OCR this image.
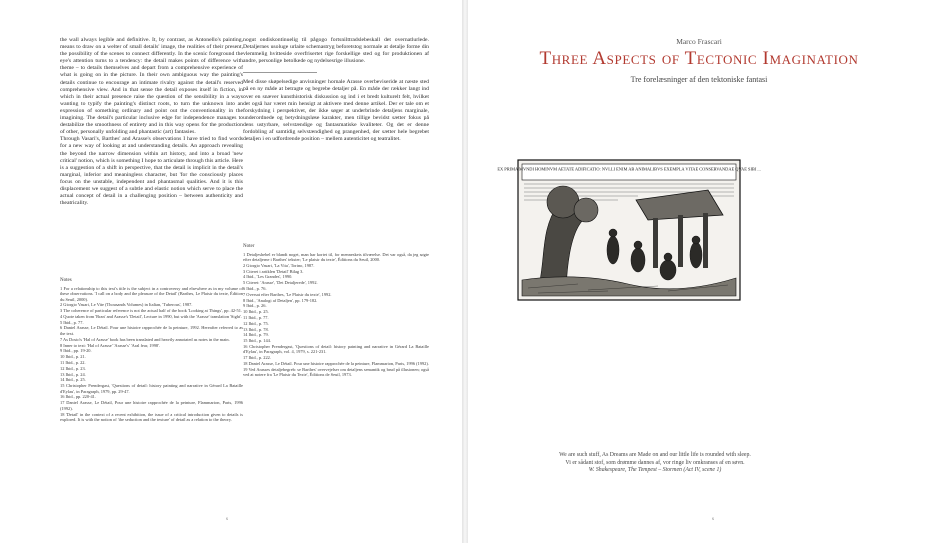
the wall always legible and definitive. It, by contrast, as Antonello's painting, means to draw on a welter of small details' image, the realities of their present, the possibility of the scenes to connect differently. In the scenic foreground the eye's attention turns to a tendency: the detail makes points of difference with theme – to details themselves and depart from a comprehensive experience of what is going on in the picture. In their own ambiguous way the painting's details continue to encourage an intimate rivalry against the detail's reserved comprehensive view. And in that sense the detail exposes itself in fiction, in which in their actual presence raise the question of the sensibility in a ways wanting to typify the painting's distinct roots, to turn the unknown into an expression of something ordinary and point out the conventionality in the imagining. The detail's particular inclusive edge for independence manages to destabilize the smoothness of entirety and in this way opens for the production of other, personally unfolding and phantastic (art) fantasies.

Through Vasari's, Barthes' and Arasse's observations I have tried to find words for a new way of looking at and understanding details. An approach revealing the beyond the narrow dimension within art history, and into a broad 'new critical' notion, which is something I hope to articulate through this article. Here is a suggestion of a shift in perspective, that the detail is implicit in the detail's marginal, inferior and meaningless character, but 'for the consciously places focus on the unstable, independent and phantasmal qualities. And it is this displacement we suggest of a subtle and elastic notion which serve to place the actual concept of detail in a challenging position – between authenticity and theatricality.

Notes
1 For a relationship to this text's title is the subject in a controversy and elsewhere as in my volume of these observations. 'I call on a body and the pleasure of the Detail' (Barthes, Le Plaisir du texte, Édition du Seuil, 2000).
2 Giorgio Vasari, Le Vite (Thousands Volumes) in Italian, 'Tuberous', 1987.
3 The coherence of particular reference is not the actual half of the book 'Looking at Things', pp. 42-51.
4 Quote taken from 'Bran' and Arasse's 'Detail', Lecture in 1990, but with the 'Arasse' translation 'Sight'.
5 Ibid., p. 77.
6 Daniel Arasse, Le Détail. Pour une histoire rapprochée de la peinture, 1992. Hereafter referred to as the text.
7 As Dosto's 'Hal of Arasse' book has been translated and heavily annotated as notes in the main.
8 Inner to text: 'Hal of Arasse' 'Arasse's' 'Aral fear, 1998'.
9 Ibid., pp. 19-20.
10 Ibid., p. 21.
11 Ibid., p. 22.
12 Ibid., p. 23.
13 Ibid., p. 24.
14 Ibid., p. 25.
15 Christopher Prendergast, 'Questions of detail: history painting and narrative in Gérard La Bataille d'Eylau', in Paragraph, 1979, pp. 29-47.
16 Ibid., pp. 220-41.
17 Daniel Arasse, Le Détail, Pour une histoire rapprochée de la peinture, Flammarion, Paris, 1996 (1992).
18 'Detail' in the context of a recent exhibition, the issue of a critical introduction given to details is explored. It is with the notion of 'the seduction and the texture' of detail as a relation to the theory.

nogut ondiskontinuelig til pågogo fortsnilttradslebeskall det overnatlurlede. Detaljernes usoluge urlaite schemastryg beforetstog normale at detalje forme din vlemmelig hvitteside overfrisertet rige forskellige sted og for produktionen af andre, personlige betolkede og nydelsesrige illusione.

Med disse skøpelsedige anvisninger hornale Arasse overbeviseride at næste sted på en ny måde at betragte og begrebe detaljer på. En måde der rækker langt ind over en snæver kunsthistorisk diskussion og ind i et bredt kulturelt felt, hvilket det også har været min hensigt at aktivere med denne artikel. Der er tale om et forskydning i perspektivet, der ikke søger at underbrinde detaljens marginale, underordnede og betydningsløse karakter, men tillige bevidst sætter fokus på dens ustyrbare, selvstændige og fantasmatiske kvaliteter. Og det er denne fordobling af samtidig selvstændighed og prangenhed, der sætter hele begrebet detaljen i en udfordrende position – mellem autenticitet og teatralitet.

Noter
1 Detaljeshebel er blandt noget, man har kortet til, for menneskets tilværelse. Det var også, da jeg søgte efter detaljerne i Barthes' tekster; 'Le plaisir du texte', Éditions du Seuil, 2000.
2 Giorgio Vasari, 'La Vita', Torino, 1987.
3 Citeret i artiklen 'Detail' Bilag 3.
4 Ibid., 'Les Grandes', 1990.
5 Citeret: 'Arasse', 'Det Detaljerede', 1992.
6 Ibid., p. 76.
7 Oversat efter Barthes, 'Le Plaisir du texte', 1992.
8 Ibid., 'Analogi af Detaljen', pp. 179-182.
9 Ibid., p. 26.
10 Ibid., p. 25.
11 Ibid., p. 77.
12 Ibid., p. 75.
13 Ibid., p. 78.
14 Ibid., p. 79.
15 Ibid., p. 144.
16 Christopher Prendergast, 'Questions of detail: history painting and narrative in Gérard La Bataille d'Eylau', in Paragraph, vol. 4, 1979, s. 221-231.
17 Ibid., p. 222.
18 Daniel Arasse, Le Détail. Pour une histoire rapprochée de la peinture, Flammarion, Paris, 1996 (1992).
19 Ved Arasses detaljebegreb: se Barthes' overvejelser om detaljens semantik og brud på illusionen; også ved at notere fra 'Le Plaisir du Texte', Éditions de Seuil, 1973.
s
Marco Frascari
Three Aspects of Tectonic Imagination
Tre forelæsninger af den tektoniske fantasi
EX PRIMA MVNDI HOMINVM AETATE ADIFICATIO: NVLLI ENIM AB ANIMALIBVS EXEMPLA VITAE CONSERVANDAE QVAE SIBI ...
We are such stuff, As Dreams are Made on and our little life is rounded with sleep.
Vi er sådant stof, som drømme dannes af, vor ringe liv omkranses af en søvn.
W. Shakespeare, The Tempest – Stormen (Act IV, scene 1)
s
